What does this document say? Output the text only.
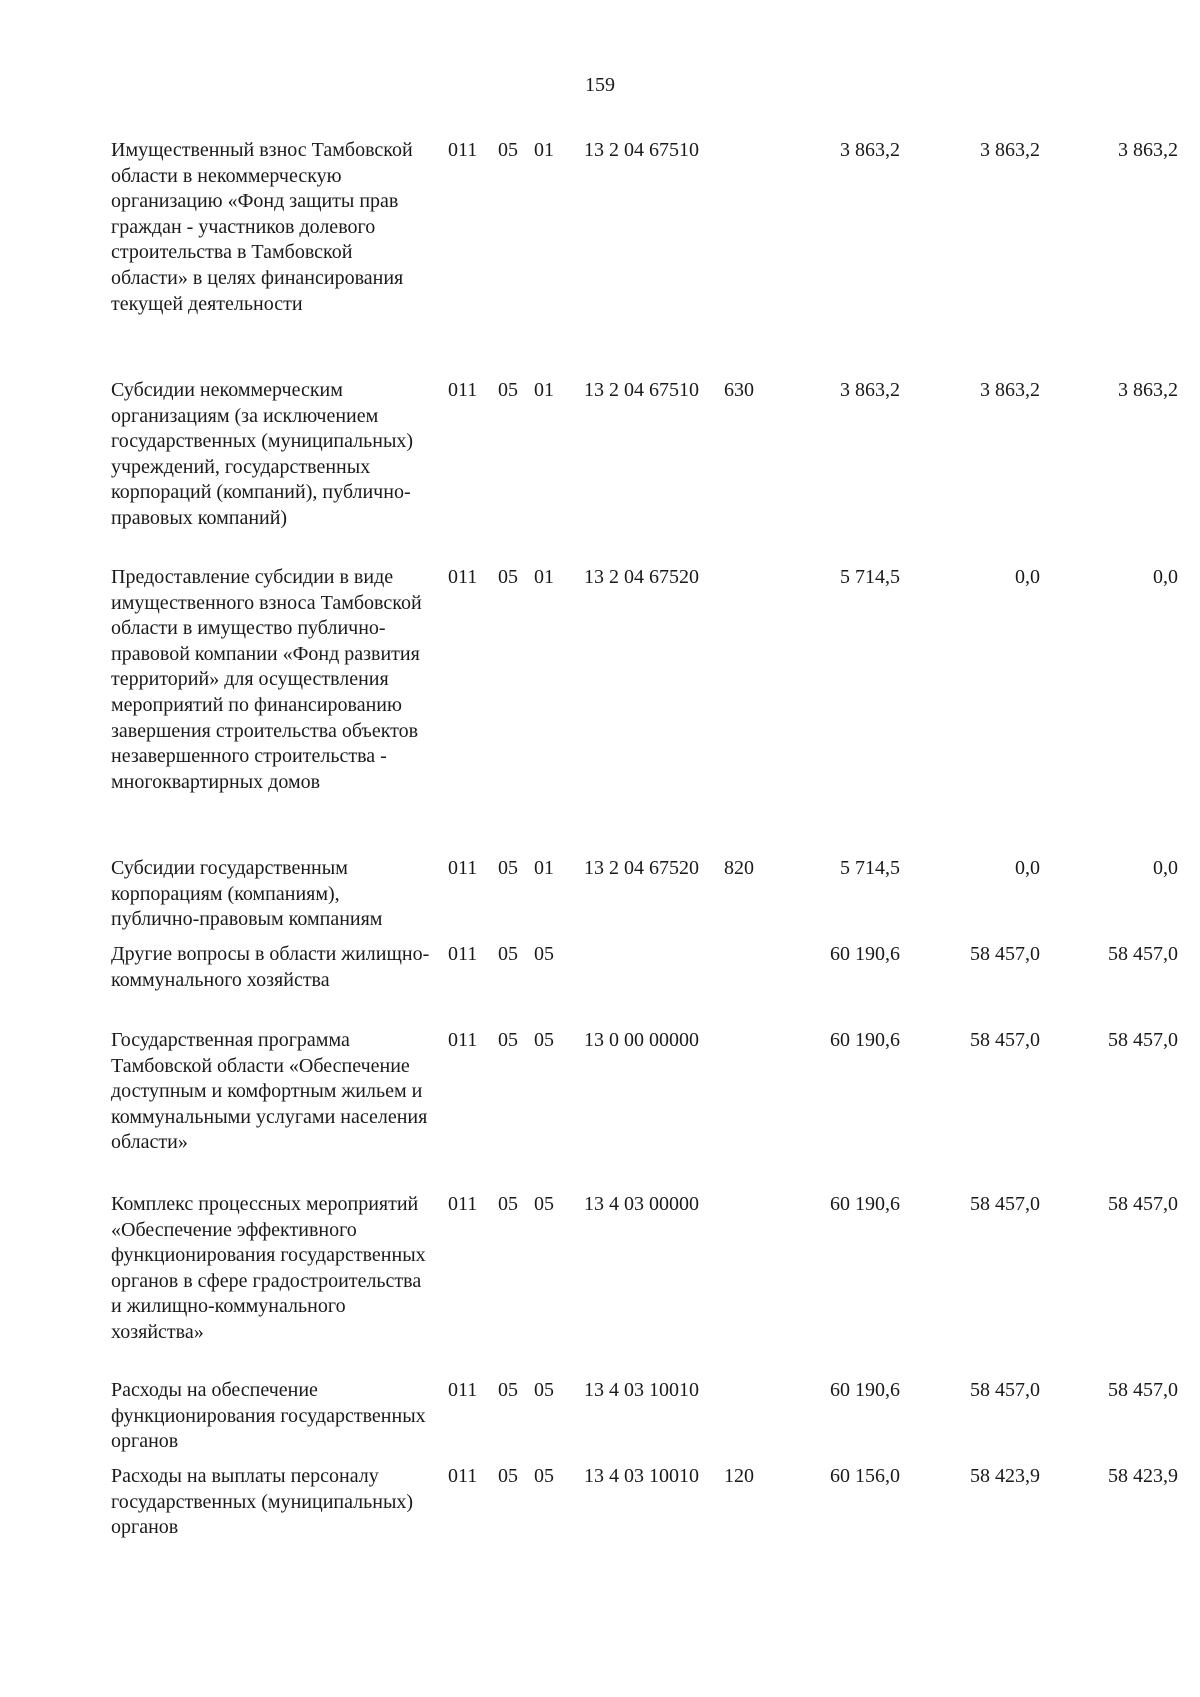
159
Имущественный взнос Тамбовской области в некоммерческую организацию «Фонд защиты прав граждан - участников долевого строительства в Тамбовской области» в целях финансирования текущей деятельности
011 05 01 13 2 04 67510	3 863,2	3 863,2	3 863,2
Субсидии некоммерческим организациям (за исключением государственных (муниципальных) учреждений, государственных корпораций (компаний), публично-правовых компаний)
011 05 01 13 2 04 67510 630	3 863,2	3 863,2	3 863,2
Предоставление субсидии в виде имущественного взноса Тамбовской области в имущество публично-правовой компании «Фонд развития территорий» для осуществления мероприятий по финансированию завершения строительства объектов незавершенного строительства - многоквартирных домов
011 05 01 13 2 04 67520	5 714,5	0,0	0,0
Субсидии государственным корпорациям (компаниям), публично-правовым компаниям
011 05 01 13 2 04 67520 820	5 714,5	0,0	0,0
Другие вопросы в области жилищно-коммунального хозяйства
011 05 05	60 190,6	58 457,0	58 457,0
Государственная программа Тамбовской области «Обеспечение доступным и комфортным жильем и коммунальными услугами населения области»
011 05 05 13 0 00 00000	60 190,6	58 457,0	58 457,0
Комплекс процессных мероприятий «Обеспечение эффективного функционирования государственных органов в сфере градостроительства и жилищно-коммунального хозяйства»
011 05 05 13 4 03 00000	60 190,6	58 457,0	58 457,0
Расходы на обеспечение функционирования государственных органов
011 05 05 13 4 03 10010	60 190,6	58 457,0	58 457,0
Расходы на выплаты персоналу государственных (муниципальных) органов
011 05 05 13 4 03 10010 120	60 156,0	58 423,9	58 423,9
